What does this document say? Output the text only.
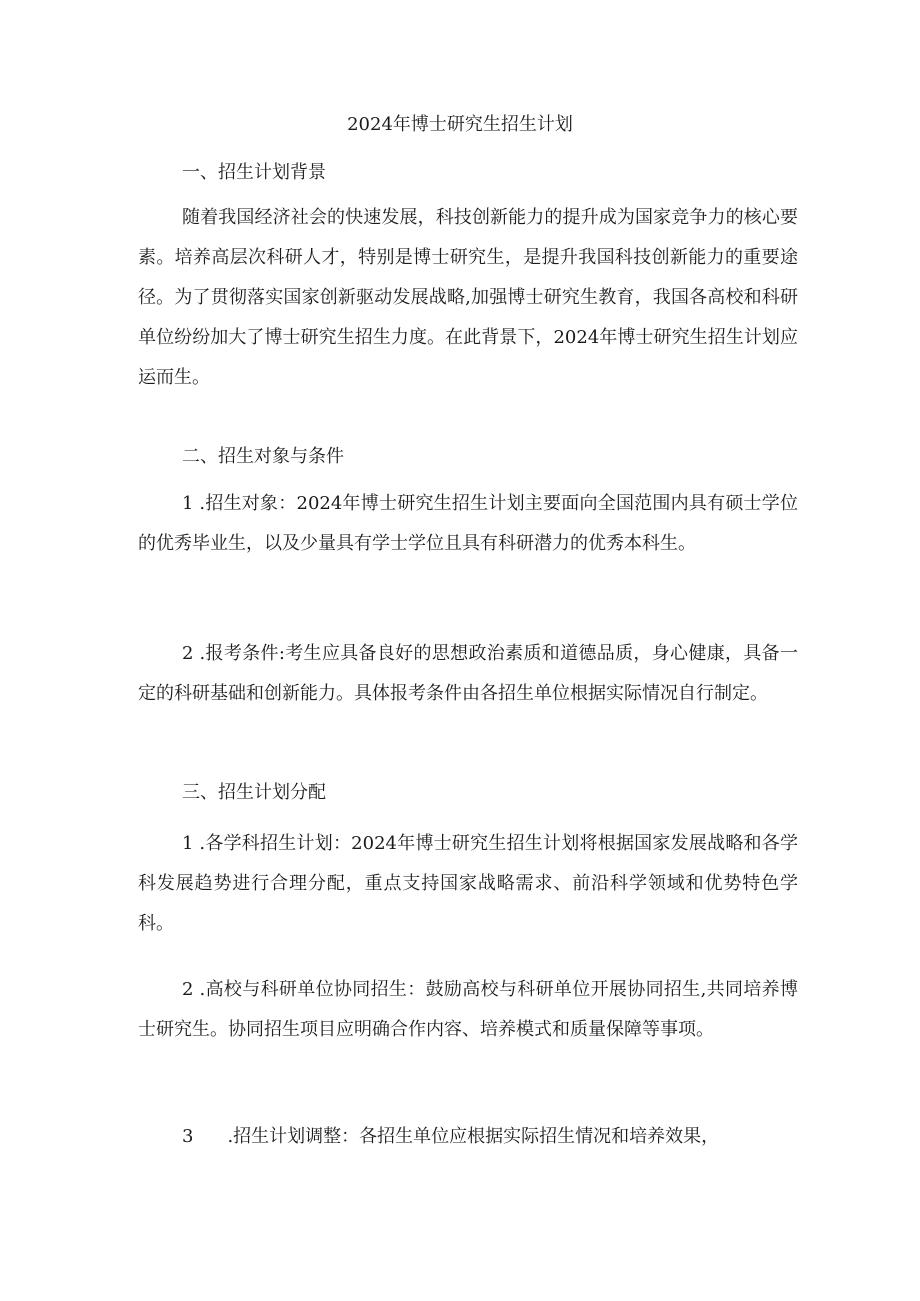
2024年博士研究生招生计划

一、招生计划背景

随着我国经济社会的快速发展，科技创新能力的提升成为国家竞争力的核心要素。培养高层次科研人才，特别是博士研究生，是提升我国科技创新能力的重要途径。为了贯彻落实国家创新驱动发展战略,加强博士研究生教育，我国各高校和科研单位纷纷加大了博士研究生招生力度。在此背景下，2024年博士研究生招生计划应运而生。

二、招生对象与条件

1 .招生对象：2024年博士研究生招生计划主要面向全国范围内具有硕士学位的优秀毕业生，以及少量具有学士学位且具有科研潜力的优秀本科生。

2 .报考条件:考生应具备良好的思想政治素质和道德品质，身心健康，具备一定的科研基础和创新能力。具体报考条件由各招生单位根据实际情况自行制定。

三、招生计划分配

1 .各学科招生计划：2024年博士研究生招生计划将根据国家发展战略和各学科发展趋势进行合理分配，重点支持国家战略需求、前沿科学领域和优势特色学科。

2 .高校与科研单位协同招生：鼓励高校与科研单位开展协同招生,共同培养博士研究生。协同招生项目应明确合作内容、培养模式和质量保障等事项。

3 .招生计划调整：各招生单位应根据实际招生情况和培养效果，
